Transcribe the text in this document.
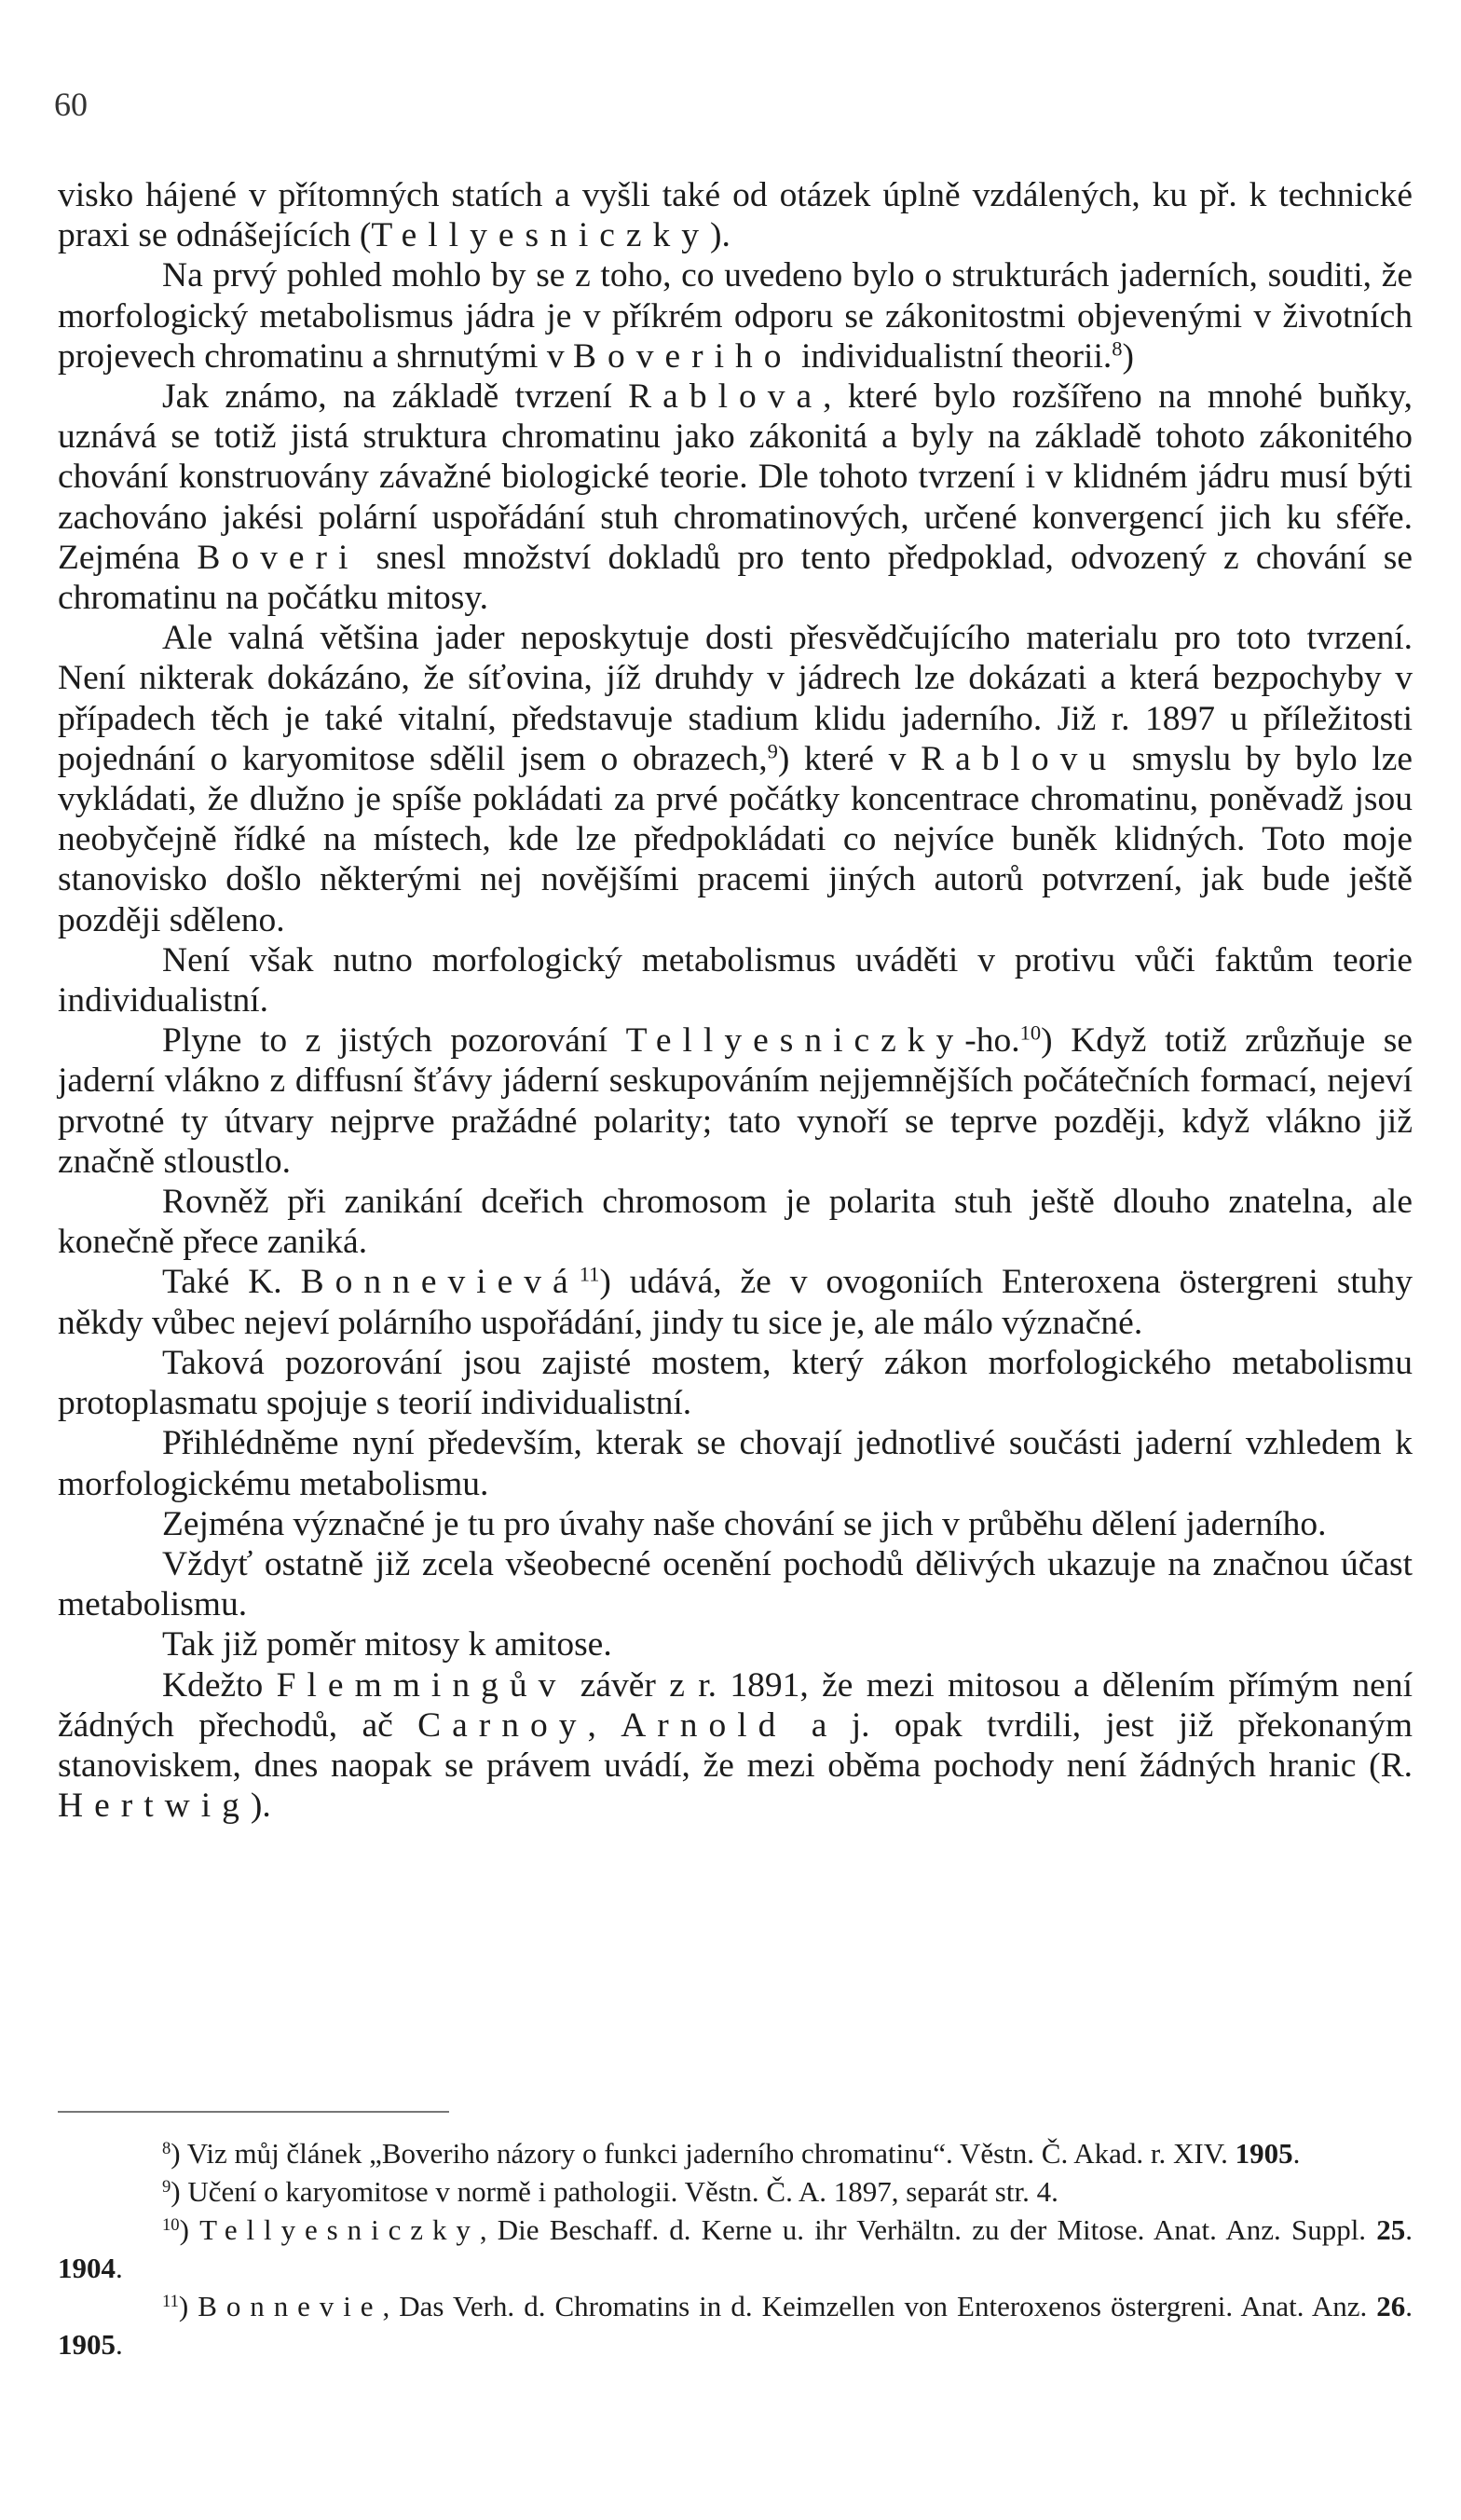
60

visko hájené v přítomných statích a vyšli také od otázek úplně vzdálených, ku př. k technické praxi se odnášejících (Tellyesniczky).

Na prvý pohled mohlo by se z toho, co uvedeno bylo o strukturách jaderních, souditi, že morfologický metabolismus jádra je v příkrém odporu se zákonitostmi objevenými v životních projevech chromatinu a shrnutými v Boveriho individualistní theorii.$^8$)

Jak známo, na základě tvrzení Rablova, které bylo rozšířeno na mnohé buňky, uznává se totiž jistá struktura chromatinu jako zákonitá a byly na základě tohoto zákonitého chování konstruovány závažné biologické teorie. Dle tohoto tvrzení i v klidném jádru musí býti zachováno jakési polární uspořádání stuh chromatinových, určené konvergencí jich ku sféře. Zejména Boveri snesl množství dokladů pro tento předpoklad, odvozený z chování se chromatinu na počátku mitosy.

Ale valná většina jader neposkytuje dosti přesvědčujícího materialu pro toto tvrzení. Není nikterak dokázáno, že síťovina, jíž druhdy v jádrech lze dokázati a která bezpochyby v případech těch je také vitalní, představuje stadium klidu jaderního. Již r. 1897 u příležitosti pojednání o karyomitose sdělil jsem o obrazech,$^9$) které v Rablovu smyslu by bylo lze vykládati, že dlužno je spíše pokládati za prvé počátky koncentrace chromatinu, poněvadž jsou neobyčejně řídké na místech, kde lze předpokládati co nejvíce buněk klidných. Toto moje stanovisko došlo některými nej novějšími pracemi jiných autorů potvrzení, jak bude ještě později sděleno.

Není však nutno morfologický metabolismus uváděti v protivu vůči faktům teorie individualistní.

Plyne to z jistých pozorování Tellyesniczky-ho.$^{10}$) Když totiž zrůzňuje se jaderní vlákno z diffusní šťávy jáderní seskupováním nejjemnějších počátečních formací, nejeví prvotné ty útvary nejprve pražádné polarity; tato vynoří se teprve později, když vlákno již značně stloustlo.

Rovněž při zanikání dceřich chromosom je polarita stuh ještě dlouho znatelna, ale konečně přece zaniká.

Také K. Bonnevievá$^{11}$) udává, že v ovogoniích Enteroxena östergreni stuhy někdy vůbec nejeví polárního uspořádání, jindy tu sice je, ale málo význačné.

Taková pozorování jsou zajisté mostem, který zákon morfologického metabolismu protoplasmatu spojuje s teorií individualistní.

Přihlédněme nyní především, kterak se chovají jednotlivé součásti jaderní vzhledem k morfologickému metabolismu.

Zejména význačné je tu pro úvahy naše chování se jich v průběhu dělení jaderního.

Vždyť ostatně již zcela všeobecné ocenění pochodů dělivých ukazuje na značnou účast metabolismu.

Tak již poměr mitosy k amitose.

Kdežto Flemmingův závěr z r. 1891, že mezi mitosou a dělením přímým není žádných přechodů, ač Carnoy, Arnold a j. opak tvrdili, jest již překonaným stanoviskem, dnes naopak se právem uvádí, že mezi oběma pochody není žádných hranic (R. Hertwig).

$^8$) Viz můj článek „Boveriho názory o funkci jaderního chromatinu“. Věstn. Č. Akad. r. XIV. 1905.

$^9$) Učení o karyomitose v normě i pathologii. Věstn. Č. A. 1897, separát str. 4.

$^{10}$) Tellyesniczky, Die Beschaff. d. Kerne u. ihr Verhältn. zu der Mitose. Anat. Anz. Suppl. 25. 1904.

$^{11}$) Bonnevie, Das Verh. d. Chromatins in d. Keimzellen von Enteroxenos östergreni. Anat. Anz. 26. 1905.
